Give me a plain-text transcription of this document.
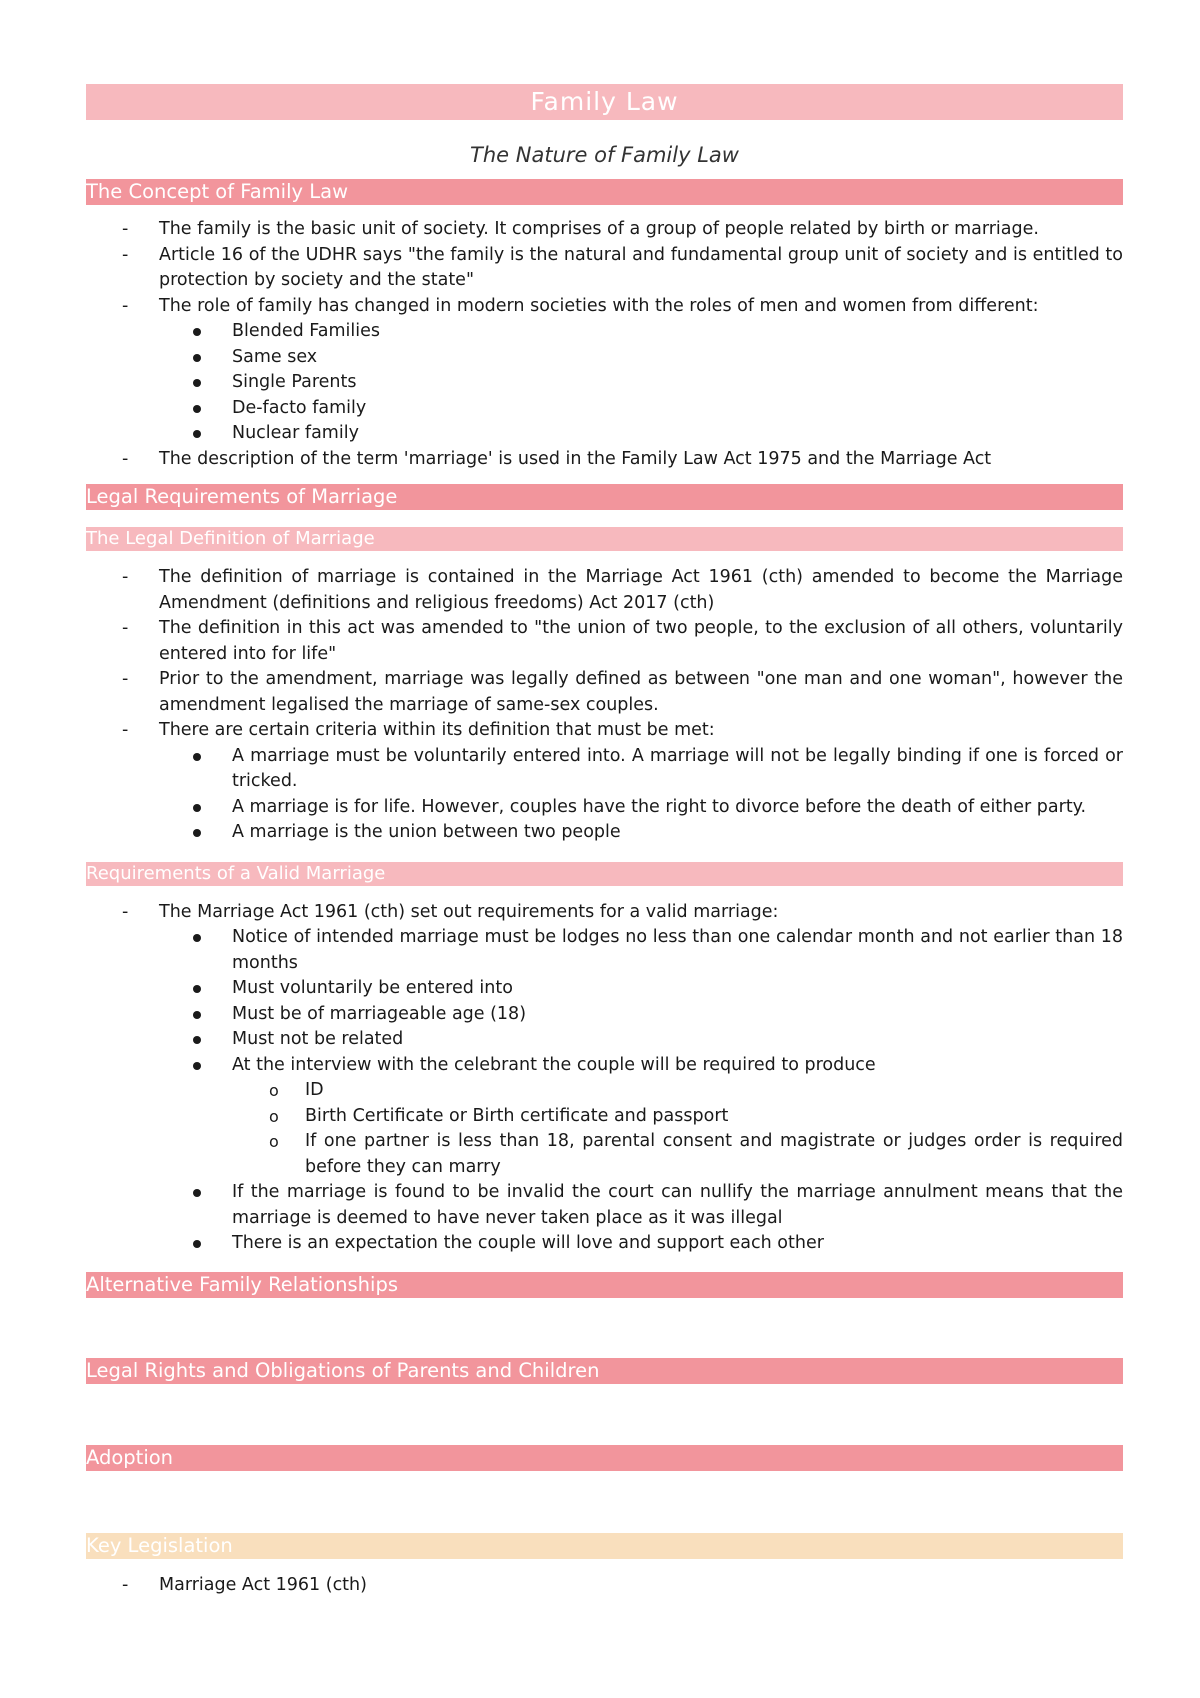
Family Law
The Nature of Family Law
The Concept of Family Law
- The family is the basic unit of society. It comprises of a group of people related by birth or marriage.
- Article 16 of the UDHR says "the family is the natural and fundamental group unit of society and is entitled to protection by society and the state"
- The role of family has changed in modern societies with the roles of men and women from different:
Blended Families
Same sex
Single Parents
De-facto family
Nuclear family
- The description of the term 'marriage' is used in the Family Law Act 1975 and the Marriage Act
Legal Requirements of Marriage
The Legal Definition of Marriage
- The definition of marriage is contained in the Marriage Act 1961 (cth) amended to become the Marriage Amendment (definitions and religious freedoms) Act 2017 (cth)
- The definition in this act was amended to "the union of two people, to the exclusion of all others, voluntarily entered into for life"
- Prior to the amendment, marriage was legally defined as between "one man and one woman", however the amendment legalised the marriage of same-sex couples.
- There are certain criteria within its definition that must be met:
A marriage must be voluntarily entered into. A marriage will not be legally binding if one is forced or tricked.
A marriage is for life. However, couples have the right to divorce before the death of either party.
A marriage is the union between two people
Requirements of a Valid Marriage
- The Marriage Act 1961 (cth) set out requirements for a valid marriage:
Notice of intended marriage must be lodges no less than one calendar month and not earlier than 18 months
Must voluntarily be entered into
Must be of marriageable age (18)
Must not be related
At the interview with the celebrant the couple will be required to produce
o ID
o Birth Certificate or Birth certificate and passport
o If one partner is less than 18, parental consent and magistrate or judges order is required before they can marry
If the marriage is found to be invalid the court can nullify the marriage annulment means that the marriage is deemed to have never taken place as it was illegal
There is an expectation the couple will love and support each other
Alternative Family Relationships
Legal Rights and Obligations of Parents and Children
Adoption
Key Legislation
- Marriage Act 1961 (cth)
